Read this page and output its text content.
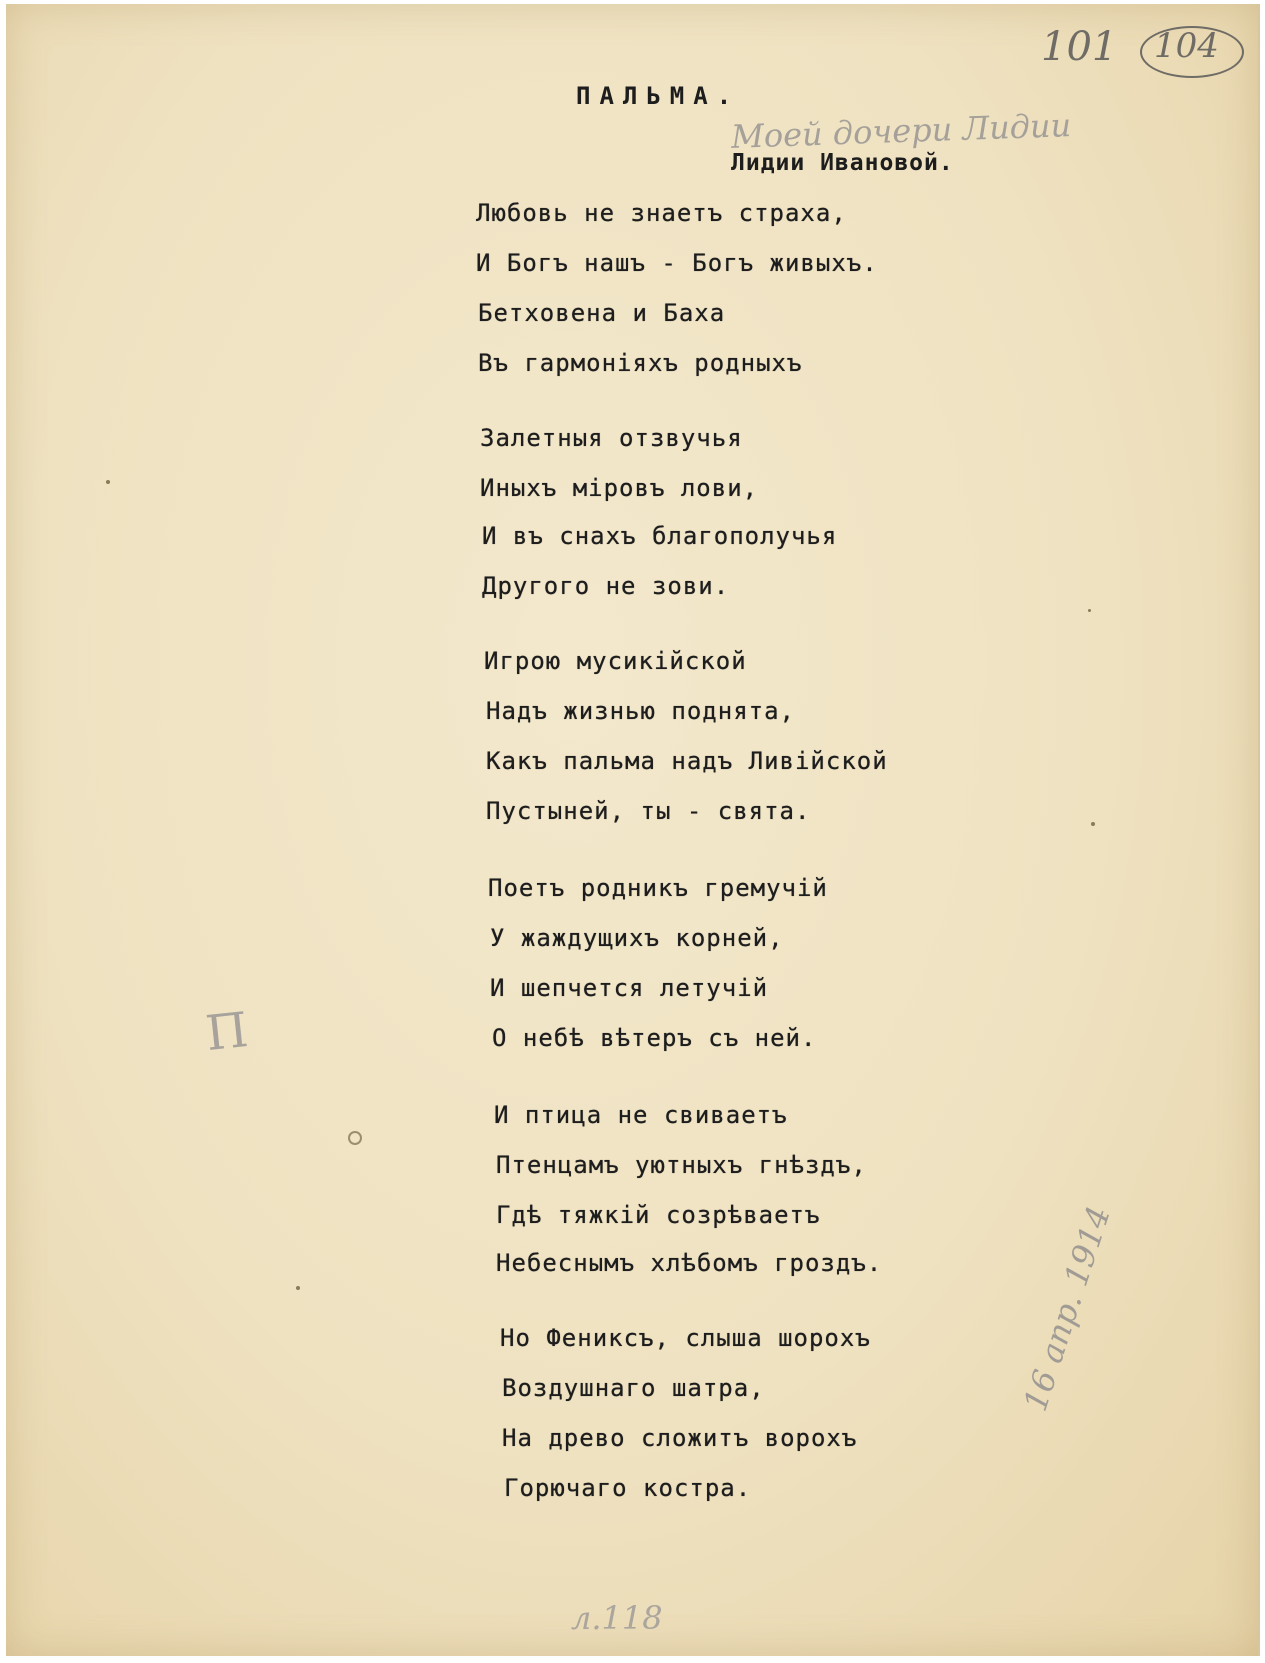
101 104
ПАЛЬМА.
Моей дочери Лидии
Лидии Ивановой.
Любовь не знаетъ страха,
И Богъ нашъ - Богъ живыхъ.
Бетховена и Баха
Въ гармоніяхъ родныхъ
Залетныя отзвучья
Иныхъ міровъ лови,
И въ снахъ благополучья
Другого не зови.
Игрою мусикійской
Надъ жизнью поднята,
Какъ пальма надъ Ливійской
Пустыней, ты - свята.
Поетъ родникъ гремучій
У жаждущихъ корней,
И шепчется летучій
О небѣ вѣтеръ съ ней.
И птица не свиваетъ
Птенцамъ уютныхъ гнѣздъ,
Гдѣ тяжкій созрѣваетъ
Небеснымъ хлѣбомъ гроздъ.
Но Фениксъ, слыша шорохъ
Воздушнаго шатра,
На древо сложитъ ворохъ
Горючаго костра.
П
16 апр. 1914
л.118
